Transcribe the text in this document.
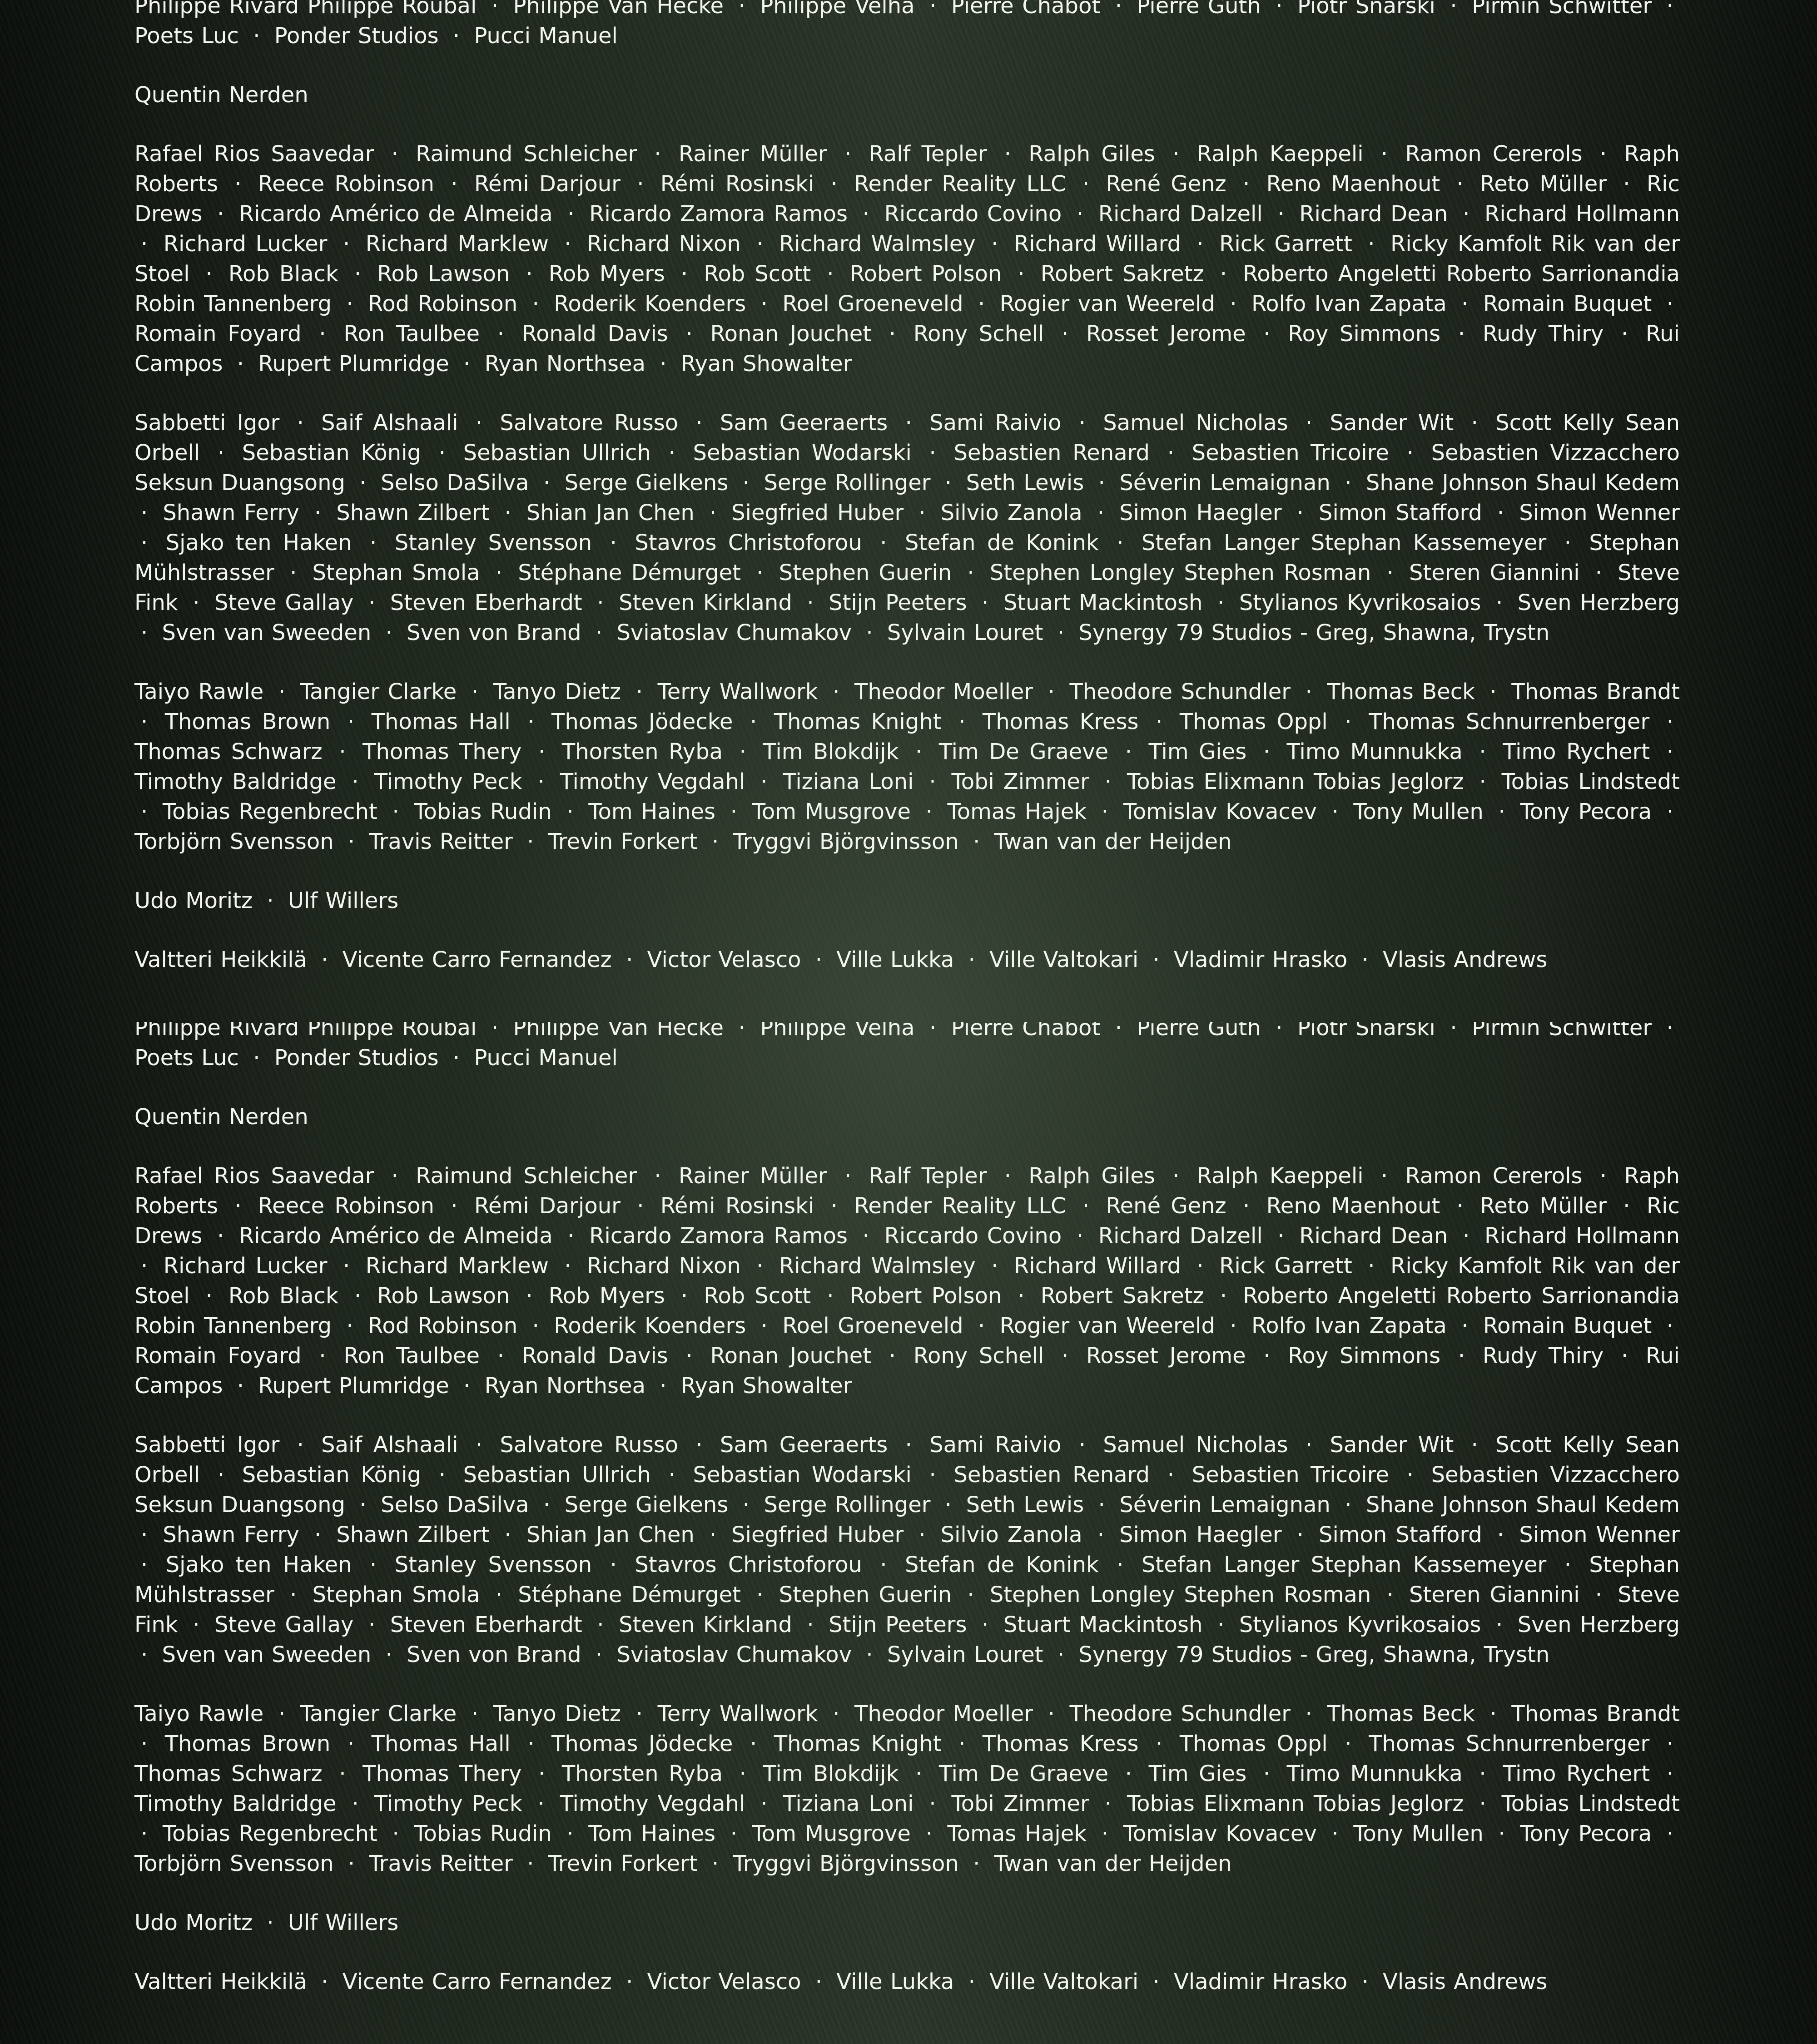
Philippe Rivard Philippe Roubal · Philippe Van Hecke · Philippe Velha · Pierre Chabot · Pierre Guth · Piotr Snarski · Pirmin Schwitter · Poets Luc · Ponder Studios · Pucci Manuel

Quentin Nerden

Rafael Rios Saavedar · Raimund Schleicher · Rainer Müller · Ralf Tepler · Ralph Giles · Ralph Kaeppeli · Ramon Cererols · Raph Roberts · Reece Robinson · Rémi Darjour · Rémi Rosinski · Render Reality LLC · René Genz · Reno Maenhout · Reto Müller · Ric Drews · Ricardo Américo de Almeida · Ricardo Zamora Ramos · Riccardo Covino · Richard Dalzell · Richard Dean · Richard Hollmann · Richard Lucker · Richard Marklew · Richard Nixon · Richard Walmsley · Richard Willard · Rick Garrett · Ricky Kamfolt Rik van der Stoel · Rob Black · Rob Lawson · Rob Myers · Rob Scott · Robert Polson · Robert Sakretz · Roberto Angeletti Roberto Sarrionandia Robin Tannenberg · Rod Robinson · Roderik Koenders · Roel Groeneveld · Rogier van Weereld · Rolfo Ivan Zapata · Romain Buquet · Romain Foyard · Ron Taulbee · Ronald Davis · Ronan Jouchet · Rony Schell · Rosset Jerome · Roy Simmons · Rudy Thiry · Rui Campos · Rupert Plumridge · Ryan Northsea · Ryan Showalter

Sabbetti Igor · Saif Alshaali · Salvatore Russo · Sam Geeraerts · Sami Raivio · Samuel Nicholas · Sander Wit · Scott Kelly Sean Orbell · Sebastian König · Sebastian Ullrich · Sebastian Wodarski · Sebastien Renard · Sebastien Tricoire · Sebastien Vizzacchero Seksun Duangsong · Selso DaSilva · Serge Gielkens · Serge Rollinger · Seth Lewis · Séverin Lemaignan · Shane Johnson Shaul Kedem · Shawn Ferry · Shawn Zilbert · Shian Jan Chen · Siegfried Huber · Silvio Zanola · Simon Haegler · Simon Stafford · Simon Wenner · Sjako ten Haken · Stanley Svensson · Stavros Christoforou · Stefan de Konink · Stefan Langer Stephan Kassemeyer · Stephan Mühlstrasser · Stephan Smola · Stéphane Démurget · Stephen Guerin · Stephen Longley Stephen Rosman · Steren Giannini · Steve Fink · Steve Gallay · Steven Eberhardt · Steven Kirkland · Stijn Peeters · Stuart Mackintosh · Stylianos Kyvrikosaios · Sven Herzberg · Sven van Sweeden · Sven von Brand · Sviatoslav Chumakov · Sylvain Louret · Synergy 79 Studios - Greg, Shawna, Trystn

Taiyo Rawle · Tangier Clarke · Tanyo Dietz · Terry Wallwork · Theodor Moeller · Theodore Schundler · Thomas Beck · Thomas Brandt · Thomas Brown · Thomas Hall · Thomas Jödecke · Thomas Knight · Thomas Kress · Thomas Oppl · Thomas Schnurrenberger · Thomas Schwarz · Thomas Thery · Thorsten Ryba · Tim Blokdijk · Tim De Graeve · Tim Gies · Timo Munnukka · Timo Rychert · Timothy Baldridge · Timothy Peck · Timothy Vegdahl · Tiziana Loni · Tobi Zimmer · Tobias Elixmann Tobias Jeglorz · Tobias Lindstedt · Tobias Regenbrecht · Tobias Rudin · Tom Haines · Tom Musgrove · Tomas Hajek · Tomislav Kovacev · Tony Mullen · Tony Pecora · Torbjörn Svensson · Travis Reitter · Trevin Forkert · Tryggvi Björgvinsson · Twan van der Heijden

Udo Moritz · Ulf Willers

Valtteri Heikkilä · Vicente Carro Fernandez · Victor Velasco · Ville Lukka · Ville Valtokari · Vladimir Hrasko · Vlasis Andrews

Philippe Rivard Philippe Roubal · Philippe Van Hecke · Philippe Velha · Pierre Chabot · Pierre Guth · Piotr Snarski · Pirmin Schwitter · Poets Luc · Ponder Studios · Pucci Manuel

Quentin Nerden

Rafael Rios Saavedar · Raimund Schleicher · Rainer Müller · Ralf Tepler · Ralph Giles · Ralph Kaeppeli · Ramon Cererols · Raph Roberts · Reece Robinson · Rémi Darjour · Rémi Rosinski · Render Reality LLC · René Genz · Reno Maenhout · Reto Müller · Ric Drews · Ricardo Américo de Almeida · Ricardo Zamora Ramos · Riccardo Covino · Richard Dalzell · Richard Dean · Richard Hollmann · Richard Lucker · Richard Marklew · Richard Nixon · Richard Walmsley · Richard Willard · Rick Garrett · Ricky Kamfolt Rik van der Stoel · Rob Black · Rob Lawson · Rob Myers · Rob Scott · Robert Polson · Robert Sakretz · Roberto Angeletti Roberto Sarrionandia Robin Tannenberg · Rod Robinson · Roderik Koenders · Roel Groeneveld · Rogier van Weereld · Rolfo Ivan Zapata · Romain Buquet · Romain Foyard · Ron Taulbee · Ronald Davis · Ronan Jouchet · Rony Schell · Rosset Jerome · Roy Simmons · Rudy Thiry · Rui Campos · Rupert Plumridge · Ryan Northsea · Ryan Showalter

Sabbetti Igor · Saif Alshaali · Salvatore Russo · Sam Geeraerts · Sami Raivio · Samuel Nicholas · Sander Wit · Scott Kelly Sean Orbell · Sebastian König · Sebastian Ullrich · Sebastian Wodarski · Sebastien Renard · Sebastien Tricoire · Sebastien Vizzacchero Seksun Duangsong · Selso DaSilva · Serge Gielkens · Serge Rollinger · Seth Lewis · Séverin Lemaignan · Shane Johnson Shaul Kedem · Shawn Ferry · Shawn Zilbert · Shian Jan Chen · Siegfried Huber · Silvio Zanola · Simon Haegler · Simon Stafford · Simon Wenner · Sjako ten Haken · Stanley Svensson · Stavros Christoforou · Stefan de Konink · Stefan Langer Stephan Kassemeyer · Stephan Mühlstrasser · Stephan Smola · Stéphane Démurget · Stephen Guerin · Stephen Longley Stephen Rosman · Steren Giannini · Steve Fink · Steve Gallay · Steven Eberhardt · Steven Kirkland · Stijn Peeters · Stuart Mackintosh · Stylianos Kyvrikosaios · Sven Herzberg · Sven van Sweeden · Sven von Brand · Sviatoslav Chumakov · Sylvain Louret · Synergy 79 Studios - Greg, Shawna, Trystn

Taiyo Rawle · Tangier Clarke · Tanyo Dietz · Terry Wallwork · Theodor Moeller · Theodore Schundler · Thomas Beck · Thomas Brandt · Thomas Brown · Thomas Hall · Thomas Jödecke · Thomas Knight · Thomas Kress · Thomas Oppl · Thomas Schnurrenberger · Thomas Schwarz · Thomas Thery · Thorsten Ryba · Tim Blokdijk · Tim De Graeve · Tim Gies · Timo Munnukka · Timo Rychert · Timothy Baldridge · Timothy Peck · Timothy Vegdahl · Tiziana Loni · Tobi Zimmer · Tobias Elixmann Tobias Jeglorz · Tobias Lindstedt · Tobias Regenbrecht · Tobias Rudin · Tom Haines · Tom Musgrove · Tomas Hajek · Tomislav Kovacev · Tony Mullen · Tony Pecora · Torbjörn Svensson · Travis Reitter · Trevin Forkert · Tryggvi Björgvinsson · Twan van der Heijden

Udo Moritz · Ulf Willers

Valtteri Heikkilä · Vicente Carro Fernandez · Victor Velasco · Ville Lukka · Ville Valtokari · Vladimir Hrasko · Vlasis Andrews
